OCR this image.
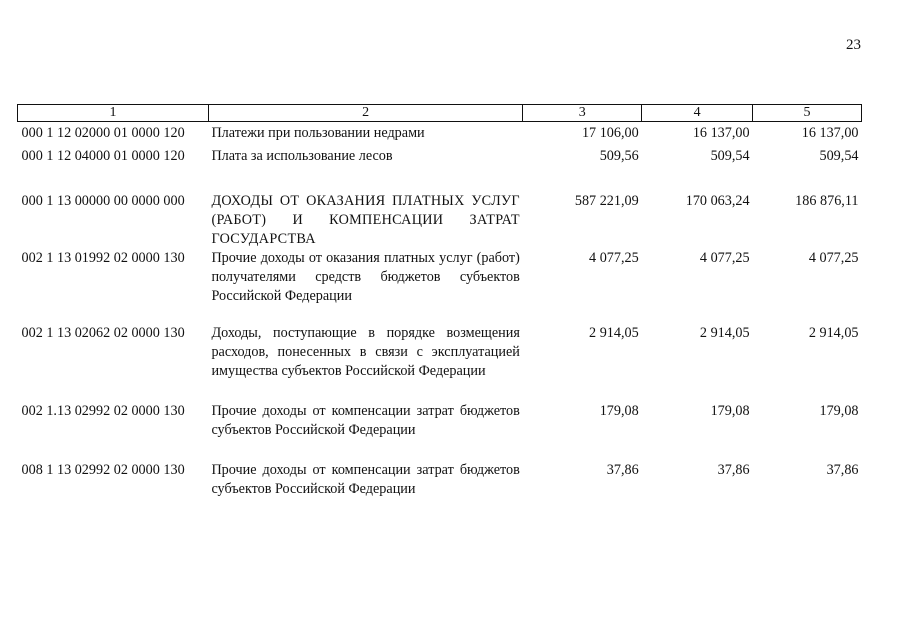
23
1	2	3	4	5
000 1 12 02000 01 0000 120	Платежи при пользовании недрами	17 106,00	16 137,00	16 137,00
000 1 12 04000 01 0000 120	Плата за использование лесов	509,56	509,54	509,54
000 1 13 00000 00 0000 000	ДОХОДЫ ОТ ОКАЗАНИЯ ПЛАТНЫХ УСЛУГ (РАБОТ) И КОМПЕНСАЦИИ ЗАТРАТ ГОСУДАРСТВА	587 221,09	170 063,24	186 876,11
002 1 13 01992 02 0000 130	Прочие доходы от оказания платных услуг (работ) получателями средств бюджетов субъектов Российской Федерации	4 077,25	4 077,25	4 077,25
002 1 13 02062 02 0000 130	Доходы, поступающие в порядке возмещения расходов, понесенных в связи с эксплуатацией имущества субъектов Российской Федерации	2 914,05	2 914,05	2 914,05
002 1.13 02992 02 0000 130	Прочие доходы от компенсации затрат бюджетов субъектов Российской Федерации	179,08	179,08	179,08
008 1 13 02992 02 0000 130	Прочие доходы от компенсации затрат бюджетов субъектов Российской Федерации	37,86	37,86	37,86
